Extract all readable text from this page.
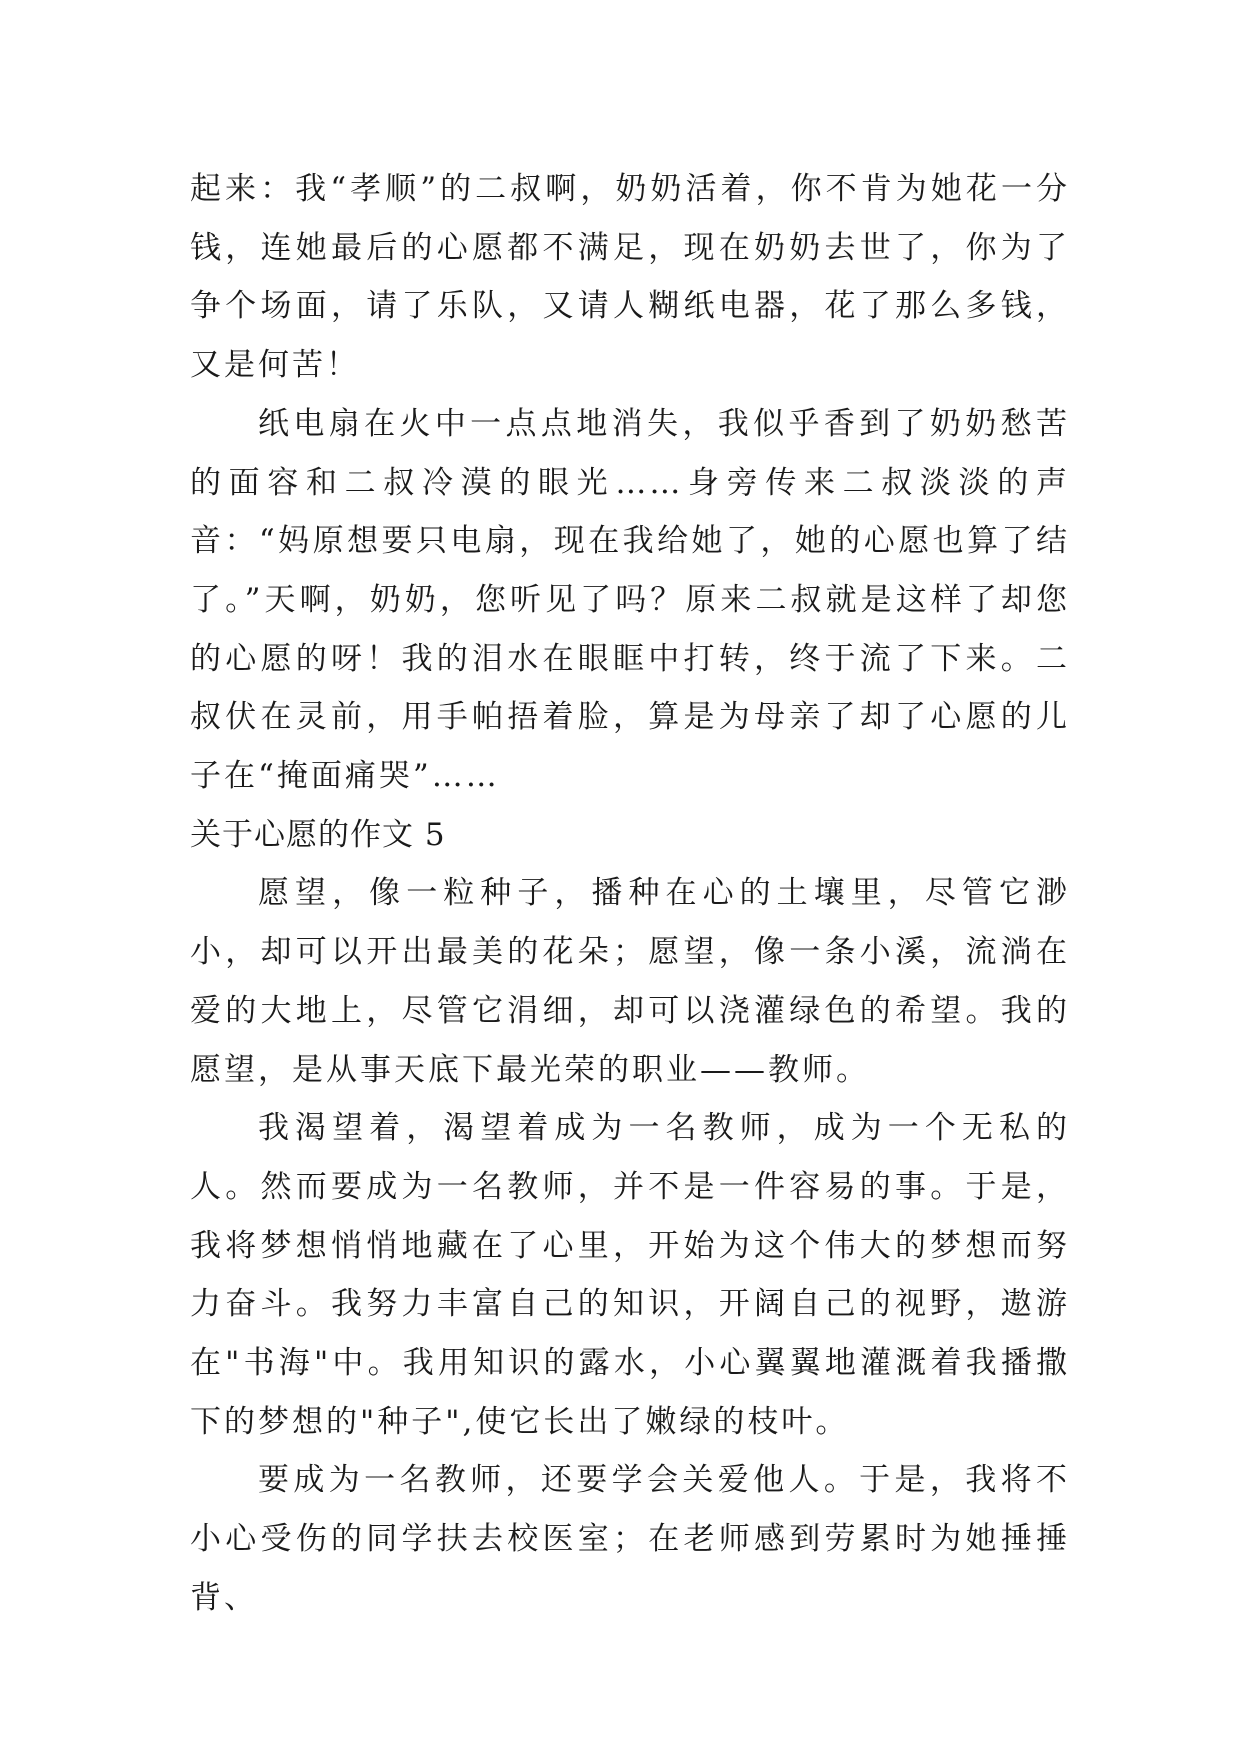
起来：我“孝顺”的二叔啊，奶奶活着，你不肯为她花一分钱，连她最后的心愿都不满足，现在奶奶去世了，你为了争个场面，请了乐队，又请人糊纸电器，花了那么多钱，又是何苦！

纸电扇在火中一点点地消失，我似乎香到了奶奶愁苦的面容和二叔冷漠的眼光……身旁传来二叔淡淡的声音：“妈原想要只电扇，现在我给她了，她的心愿也算了结了。”天啊，奶奶，您听见了吗？原来二叔就是这样了却您的心愿的呀！我的泪水在眼眶中打转，终于流了下来。二叔伏在灵前，用手帕捂着脸，算是为母亲了却了心愿的儿子在“掩面痛哭”……

关于心愿的作文 5

愿望，像一粒种子，播种在心的土壤里，尽管它渺小，却可以开出最美的花朵；愿望，像一条小溪，流淌在爱的大地上，尽管它涓细，却可以浇灌绿色的希望。我的愿望，是从事天底下最光荣的职业——教师。

我渴望着，渴望着成为一名教师，成为一个无私的人。然而要成为一名教师，并不是一件容易的事。于是，我将梦想悄悄地藏在了心里，开始为这个伟大的梦想而努力奋斗。我努力丰富自己的知识，开阔自己的视野，遨游在"书海"中。我用知识的露水，小心翼翼地灌溉着我播撒下的梦想的"种子",使它长出了嫩绿的枝叶。

要成为一名教师，还要学会关爱他人。于是，我将不小心受伤的同学扶去校医室；在老师感到劳累时为她捶捶背、
